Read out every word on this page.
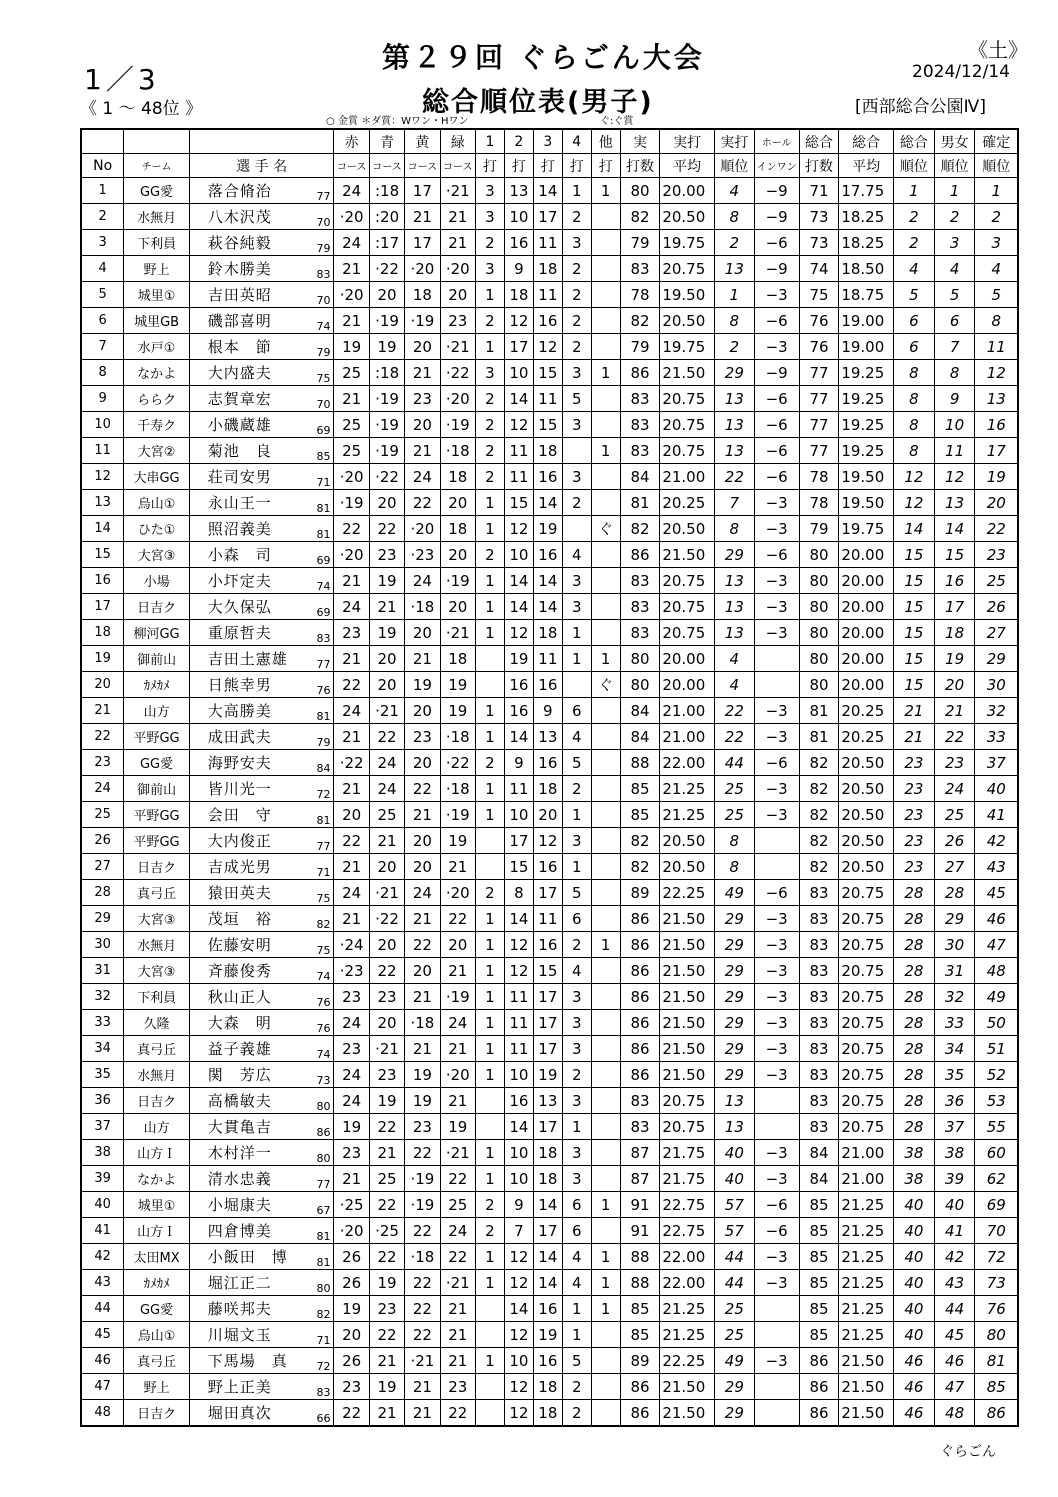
1／3
《 1 ～ 48位 》
第２９回 ぐらごん大会
総合順位表(男子)
《土》
2024/12/14
[西部総合公園Ⅳ]
○ 金賞 ＊ダ賞：Wワン・Hワン	ぐ:ぐ賞
				赤	青	黄	緑	1	2	3	4	他	実	実打	実打	ホール	総合	総合	総合	男女	確定
No	チーム	選 手 名		コース	コース	コース	コース	打	打	打	打	打	打数	平均	順位	インワン	打数	平均	順位	順位	順位
1	GG愛	落合脩治	77	24	:18	17	·21	3	13	14	1	1	80	20.00	4	−9	71	17.75	1	1	1
2	水無月	八木沢茂	70	·20	:20	21	21	3	10	17	2		82	20.50	8	−9	73	18.25	2	2	2
3	下利員	萩谷純毅	79	24	:17	17	21	2	16	11	3		79	19.75	2	−6	73	18.25	2	3	3
4	野上	鈴木勝美	83	21	·22	·20	·20	3	9	18	2		83	20.75	13	−9	74	18.50	4	4	4
5	城里①	吉田英昭	70	·20	20	18	20	1	18	11	2		78	19.50	1	−3	75	18.75	5	5	5
6	城里GB	磯部喜明	74	21	·19	·19	23	2	12	16	2		82	20.50	8	−6	76	19.00	6	6	8
7	水戸①	根本　節	79	19	19	20	·21	1	17	12	2		79	19.75	2	−3	76	19.00	6	7	11
8	なかよ	大内盛夫	75	25	:18	21	·22	3	10	15	3	1	86	21.50	29	−9	77	19.25	8	8	12
9	ららク	志賀章宏	70	21	·19	23	·20	2	14	11	5		83	20.75	13	−6	77	19.25	8	9	13
10	千寿ク	小磯蔵雄	69	25	·19	20	·19	2	12	15	3		83	20.75	13	−6	77	19.25	8	10	16
11	大宮②	菊池　良	85	25	·19	21	·18	2	11	18		1	83	20.75	13	−6	77	19.25	8	11	17
12	大串GG	荘司安男	71	·20	·22	24	18	2	11	16	3		84	21.00	22	−6	78	19.50	12	12	19
13	烏山①	永山王一	81	·19	20	22	20	1	15	14	2		81	20.25	7	−3	78	19.50	12	13	20
14	ひた①	照沼義美	81	22	22	·20	18	1	12	19		ぐ	82	20.50	8	−3	79	19.75	14	14	22
15	大宮③	小森　司	69	·20	23	·23	20	2	10	16	4		86	21.50	29	−6	80	20.00	15	15	23
16	小場	小圷定夫	74	21	19	24	·19	1	14	14	3		83	20.75	13	−3	80	20.00	15	16	25
17	日吉ク	大久保弘	69	24	21	·18	20	1	14	14	3		83	20.75	13	−3	80	20.00	15	17	26
18	柳河GG	重原哲夫	83	23	19	20	·21	1	12	18	1		83	20.75	13	−3	80	20.00	15	18	27
19	御前山	吉田土憲雄	77	21	20	21	18		19	11	1	1	80	20.00	4		80	20.00	15	19	29
20	ｶﾒｶﾒ	日熊幸男	76	22	20	19	19		16	16		ぐ	80	20.00	4		80	20.00	15	20	30
21	山方	大高勝美	81	24	·21	20	19	1	16	9	6		84	21.00	22	−3	81	20.25	21	21	32
22	平野GG	成田武夫	79	21	22	23	·18	1	14	13	4		84	21.00	22	−3	81	20.25	21	22	33
23	GG愛	海野安夫	84	·22	24	20	·22	2	9	16	5		88	22.00	44	−6	82	20.50	23	23	37
24	御前山	皆川光一	72	21	24	22	·18	1	11	18	2		85	21.25	25	−3	82	20.50	23	24	40
25	平野GG	会田　守	81	20	25	21	·19	1	10	20	1		85	21.25	25	−3	82	20.50	23	25	41
26	平野GG	大内俊正	77	22	21	20	19		17	12	3		82	20.50	8		82	20.50	23	26	42
27	日吉ク	吉成光男	71	21	20	20	21		15	16	1		82	20.50	8		82	20.50	23	27	43
28	真弓丘	猿田英夫	75	24	·21	24	·20	2	8	17	5		89	22.25	49	−6	83	20.75	28	28	45
29	大宮③	茂垣　裕	82	21	·22	21	22	1	14	11	6		86	21.50	29	−3	83	20.75	28	29	46
30	水無月	佐藤安明	75	·24	20	22	20	1	12	16	2	1	86	21.50	29	−3	83	20.75	28	30	47
31	大宮③	斉藤俊秀	74	·23	22	20	21	1	12	15	4		86	21.50	29	−3	83	20.75	28	31	48
32	下利員	秋山正人	76	23	23	21	·19	1	11	17	3		86	21.50	29	−3	83	20.75	28	32	49
33	久隆	大森　明	76	24	20	·18	24	1	11	17	3		86	21.50	29	−3	83	20.75	28	33	50
34	真弓丘	益子義雄	74	23	·21	21	21	1	11	17	3		86	21.50	29	−3	83	20.75	28	34	51
35	水無月	関　芳広	73	24	23	19	·20	1	10	19	2		86	21.50	29	−3	83	20.75	28	35	52
36	日吉ク	高橋敏夫	80	24	19	19	21		16	13	3		83	20.75	13		83	20.75	28	36	53
37	山方	大貫亀吉	86	19	22	23	19		14	17	1		83	20.75	13		83	20.75	28	37	55
38	山方Ｉ	木村洋一	80	23	21	22	·21	1	10	18	3		87	21.75	40	−3	84	21.00	38	38	60
39	なかよ	清水忠義	77	21	25	·19	22	1	10	18	3		87	21.75	40	−3	84	21.00	38	39	62
40	城里①	小堀康夫	67	·25	22	·19	25	2	9	14	6	1	91	22.75	57	−6	85	21.25	40	40	69
41	山方Ｉ	四倉博美	81	·20	·25	22	24	2	7	17	6		91	22.75	57	−6	85	21.25	40	41	70
42	太田MX	小飯田　博	81	26	22	·18	22	1	12	14	4	1	88	22.00	44	−3	85	21.25	40	42	72
43	ｶﾒｶﾒ	堀江正二	80	26	19	22	·21	1	12	14	4	1	88	22.00	44	−3	85	21.25	40	43	73
44	GG愛	藤咲邦夫	82	19	23	22	21		14	16	1	1	85	21.25	25		85	21.25	40	44	76
45	烏山①	川堀文玉	71	20	22	22	21		12	19	1		85	21.25	25		85	21.25	40	45	80
46	真弓丘	下馬場　真	72	26	21	·21	21	1	10	16	5		89	22.25	49	−3	86	21.50	46	46	81
47	野上	野上正美	83	23	19	21	23		12	18	2		86	21.50	29		86	21.50	46	47	85
48	日吉ク	堀田真次	66	22	21	21	22		12	18	2		86	21.50	29		86	21.50	46	48	86
ぐらごん
